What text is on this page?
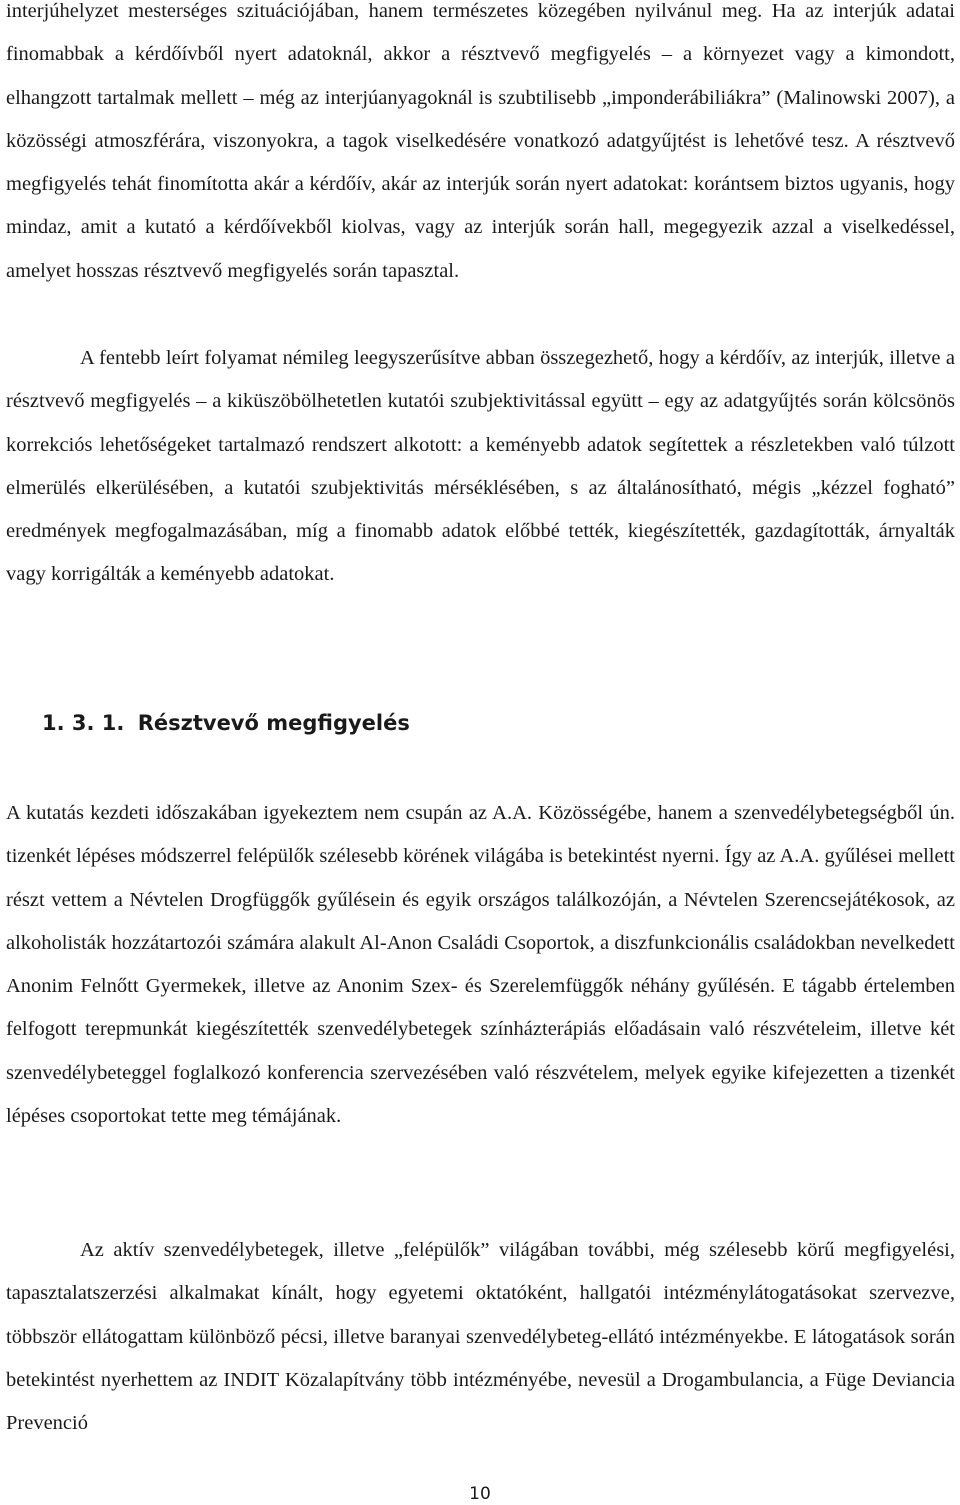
interjúhelyzet mesterséges szituációjában, hanem természetes közegében nyilvánul meg. Ha az interjúk adatai finomabbak a kérdőívből nyert adatoknál, akkor a résztvevő megfigyelés – a környezet vagy a kimondott, elhangzott tartalmak mellett – még az interjúanyagoknál is szubtilisebb „imponderábiliákra” (Malinowski 2007), a közösségi atmoszférára, viszonyokra, a tagok viselkedésére vonatkozó adatgyűjtést is lehetővé tesz. A résztvevő megfigyelés tehát finomította akár a kérdőív, akár az interjúk során nyert adatokat: korántsem biztos ugyanis, hogy mindaz, amit a kutató a kérdőívekből kiolvas, vagy az interjúk során hall, megegyezik azzal a viselkedéssel, amelyet hosszas résztvevő megfigyelés során tapasztal.

A fentebb leírt folyamat némileg leegyszerűsítve abban összegezhető, hogy a kérdőív, az interjúk, illetve a résztvevő megfigyelés – a kiküszöbölhetetlen kutatói szubjektivitással együtt – egy az adatgyűjtés során kölcsönös korrekciós lehetőségeket tartalmazó rendszert alkotott: a keményebb adatok segítettek a részletekben való túlzott elmerülés elkerülésében, a kutatói szubjektivitás mérséklésében, s az általánosítható, mégis „kézzel fogható” eredmények megfogalmazásában, míg a finomabb adatok előbbé tették, kiegészítették, gazdagították, árnyalták vagy korrigálták a keményebb adatokat.

1. 3. 1. Résztvevő megfigyelés

A kutatás kezdeti időszakában igyekeztem nem csupán az A.A. Közösségébe, hanem a szenvedélybetegségből ún. tizenkét lépéses módszerrel felépülők szélesebb körének világába is betekintést nyerni. Így az A.A. gyűlései mellett részt vettem a Névtelen Drogfüggők gyűlésein és egyik országos találkozóján, a Névtelen Szerencsejátékosok, az alkoholisták hozzátartozói számára alakult Al-Anon Családi Csoportok, a diszfunkcionális családokban nevelkedett Anonim Felnőtt Gyermekek, illetve az Anonim Szex- és Szerelemfüggők néhány gyűlésén. E tágabb értelemben felfogott terepmunkát kiegészítették szenvedélybetegek színházterápiás előadásain való részvételeim, illetve két szenvedélybeteggel foglalkozó konferencia szervezésében való részvételem, melyek egyike kifejezetten a tizenkét lépéses csoportokat tette meg témájának.

Az aktív szenvedélybetegek, illetve „felépülők” világában további, még szélesebb körű megfigyelési, tapasztalatszerzési alkalmakat kínált, hogy egyetemi oktatóként, hallgatói intézménylátogatásokat szervezve, többször ellátogattam különböző pécsi, illetve baranyai szenvedélybeteg-ellátó intézményekbe. E látogatások során betekintést nyerhettem az INDIT Közalapítvány több intézményébe, nevesül a Drogambulancia, a Füge Deviancia Prevenció

10
